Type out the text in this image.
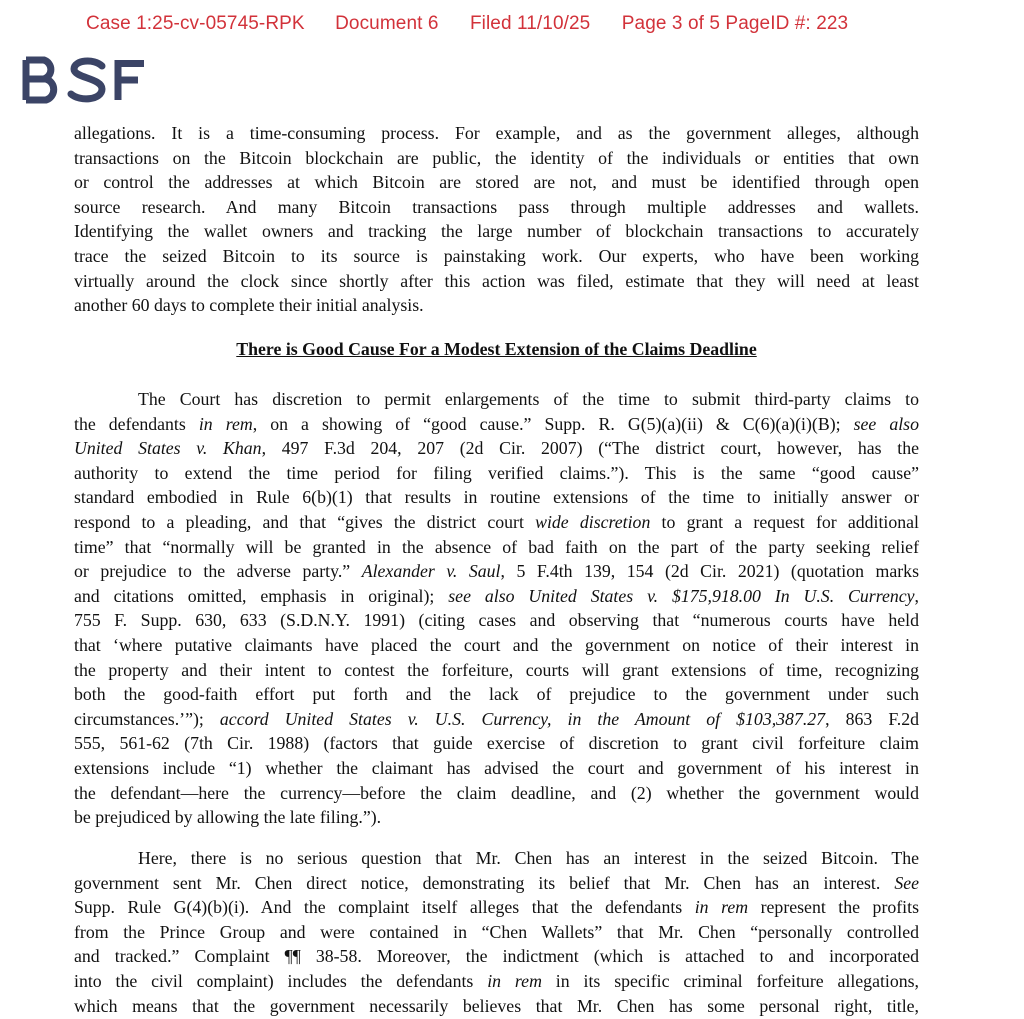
Case 1:25-cv-05745-RPK Document 6 Filed 11/10/25 Page 3 of 5 PageID #: 223
allegations. It is a time-consuming process. For example, and as the government alleges, although
transactions on the Bitcoin blockchain are public, the identity of the individuals or entities that own
or control the addresses at which Bitcoin are stored are not, and must be identified through open
source research. And many Bitcoin transactions pass through multiple addresses and wallets.
Identifying the wallet owners and tracking the large number of blockchain transactions to accurately
trace the seized Bitcoin to its source is painstaking work. Our experts, who have been working
virtually around the clock since shortly after this action was filed, estimate that they will need at least
another 60 days to complete their initial analysis.
There is Good Cause For a Modest Extension of the Claims Deadline
The Court has discretion to permit enlargements of the time to submit third-party claims to
the defendants in rem, on a showing of “good cause.” Supp. R. G(5)(a)(ii) & C(6)(a)(i)(B); see also
United States v. Khan, 497 F.3d 204, 207 (2d Cir. 2007) (“The district court, however, has the
authority to extend the time period for filing verified claims.”). This is the same “good cause”
standard embodied in Rule 6(b)(1) that results in routine extensions of the time to initially answer or
respond to a pleading, and that “gives the district court wide discretion to grant a request for additional
time” that “normally will be granted in the absence of bad faith on the part of the party seeking relief
or prejudice to the adverse party.” Alexander v. Saul, 5 F.4th 139, 154 (2d Cir. 2021) (quotation marks
and citations omitted, emphasis in original); see also United States v. $175,918.00 In U.S. Currency,
755 F. Supp. 630, 633 (S.D.N.Y. 1991) (citing cases and observing that “numerous courts have held
that ‘where putative claimants have placed the court and the government on notice of their interest in
the property and their intent to contest the forfeiture, courts will grant extensions of time, recognizing
both the good-faith effort put forth and the lack of prejudice to the government under such
circumstances.’”); accord United States v. U.S. Currency, in the Amount of $103,387.27, 863 F.2d
555, 561-62 (7th Cir. 1988) (factors that guide exercise of discretion to grant civil forfeiture claim
extensions include “1) whether the claimant has advised the court and government of his interest in
the defendant—here the currency—before the claim deadline, and (2) whether the government would
be prejudiced by allowing the late filing.”).
Here, there is no serious question that Mr. Chen has an interest in the seized Bitcoin. The
government sent Mr. Chen direct notice, demonstrating its belief that Mr. Chen has an interest. See
Supp. Rule G(4)(b)(i). And the complaint itself alleges that the defendants in rem represent the profits
from the Prince Group and were contained in “Chen Wallets” that Mr. Chen “personally controlled
and tracked.” Complaint ¶¶ 38-58. Moreover, the indictment (which is attached to and incorporated
into the civil complaint) includes the defendants in rem in its specific criminal forfeiture allegations,
which means that the government necessarily believes that Mr. Chen has some personal right, title,
